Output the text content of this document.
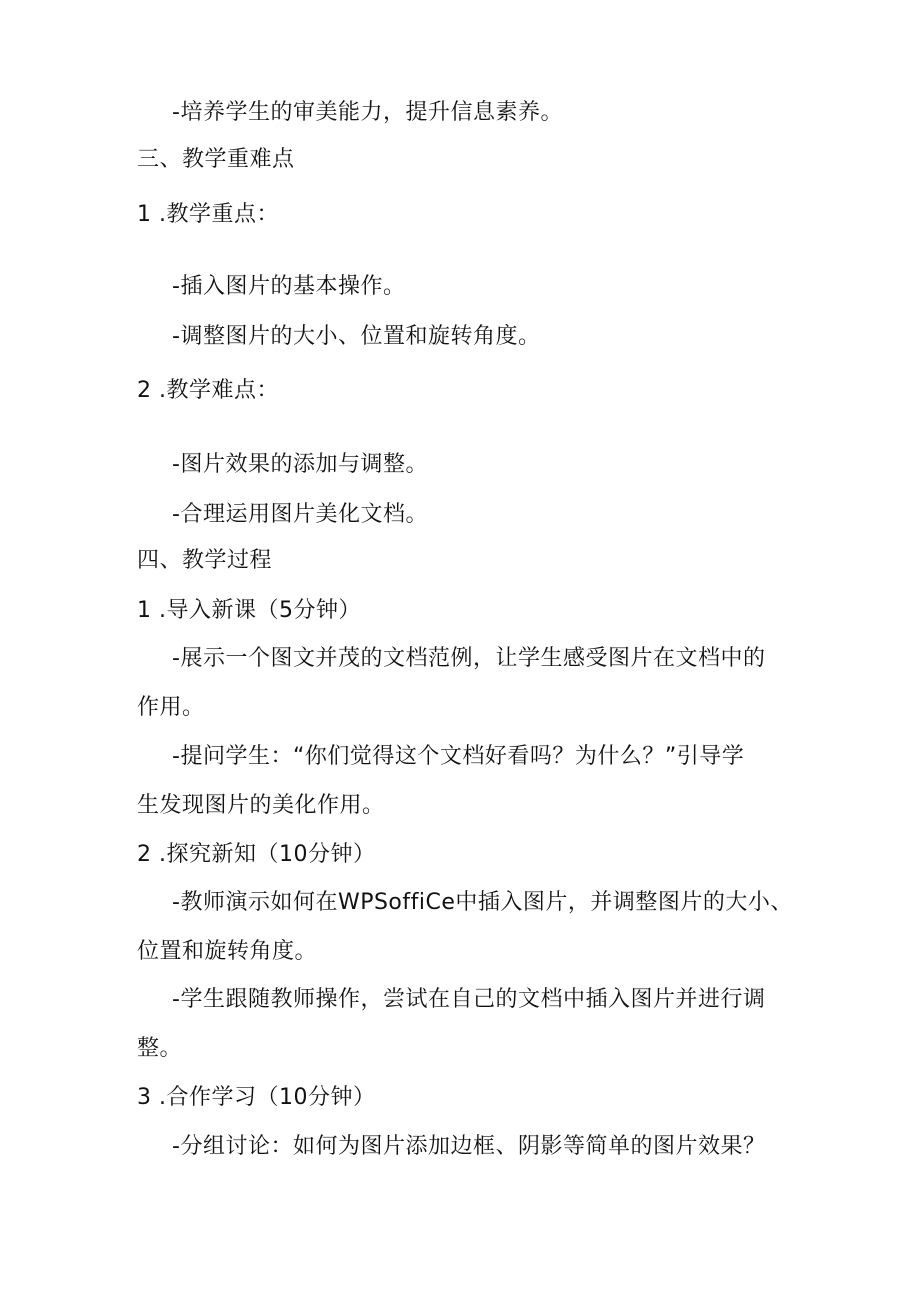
-培养学生的审美能力，提升信息素养。
三、教学重难点
1 .教学重点：
-插入图片的基本操作。
-调整图片的大小、位置和旋转角度。
2 .教学难点：
-图片效果的添加与调整。
-合理运用图片美化文档。
四、教学过程
1 .导入新课（5分钟）
-展示一个图文并茂的文档范例，让学生感受图片在文档中的
作用。
-提问学生：“你们觉得这个文档好看吗？为什么？”引导学
生发现图片的美化作用。
2 .探究新知（10分钟）
-教师演示如何在WPSoffiCe中插入图片，并调整图片的大小、
位置和旋转角度。
-学生跟随教师操作，尝试在自己的文档中插入图片并进行调
整。
3 .合作学习（10分钟）
-分组讨论：如何为图片添加边框、阴影等简单的图片效果？
